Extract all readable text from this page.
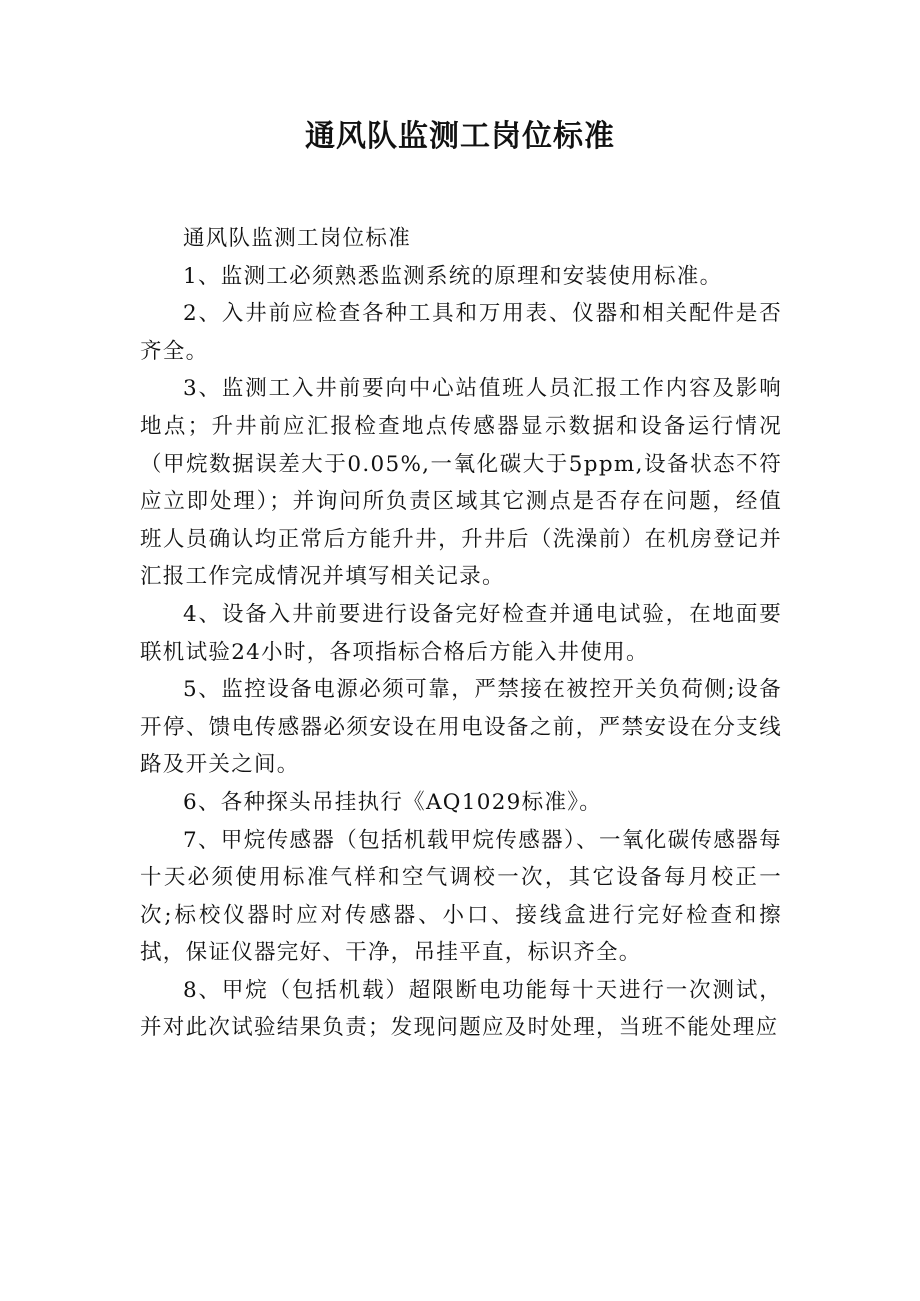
通风队监测工岗位标准

通风队监测工岗位标准

1、监测工必须熟悉监测系统的原理和安装使用标准。

2、入井前应检查各种工具和万用表、仪器和相关配件是否齐全。

3、监测工入井前要向中心站值班人员汇报工作内容及影响地点；升井前应汇报检查地点传感器显示数据和设备运行情况（甲烷数据误差大于0.05%,一氧化碳大于5ppm,设备状态不符应立即处理）；并询问所负责区域其它测点是否存在问题，经值班人员确认均正常后方能升井，升井后（洗澡前）在机房登记并汇报工作完成情况并填写相关记录。

4、设备入井前要进行设备完好检查并通电试验，在地面要联机试验24小时，各项指标合格后方能入井使用。

5、监控设备电源必须可靠，严禁接在被控开关负荷侧;设备开停、馈电传感器必须安设在用电设备之前，严禁安设在分支线路及开关之间。

6、各种探头吊挂执行《AQ1029标准》。

7、甲烷传感器（包括机载甲烷传感器）、一氧化碳传感器每十天必须使用标准气样和空气调校一次，其它设备每月校正一次;标校仪器时应对传感器、小口、接线盒进行完好检查和擦拭，保证仪器完好、干净，吊挂平直，标识齐全。

8、甲烷（包括机载）超限断电功能每十天进行一次测试，并对此次试验结果负责；发现问题应及时处理，当班不能处理应
